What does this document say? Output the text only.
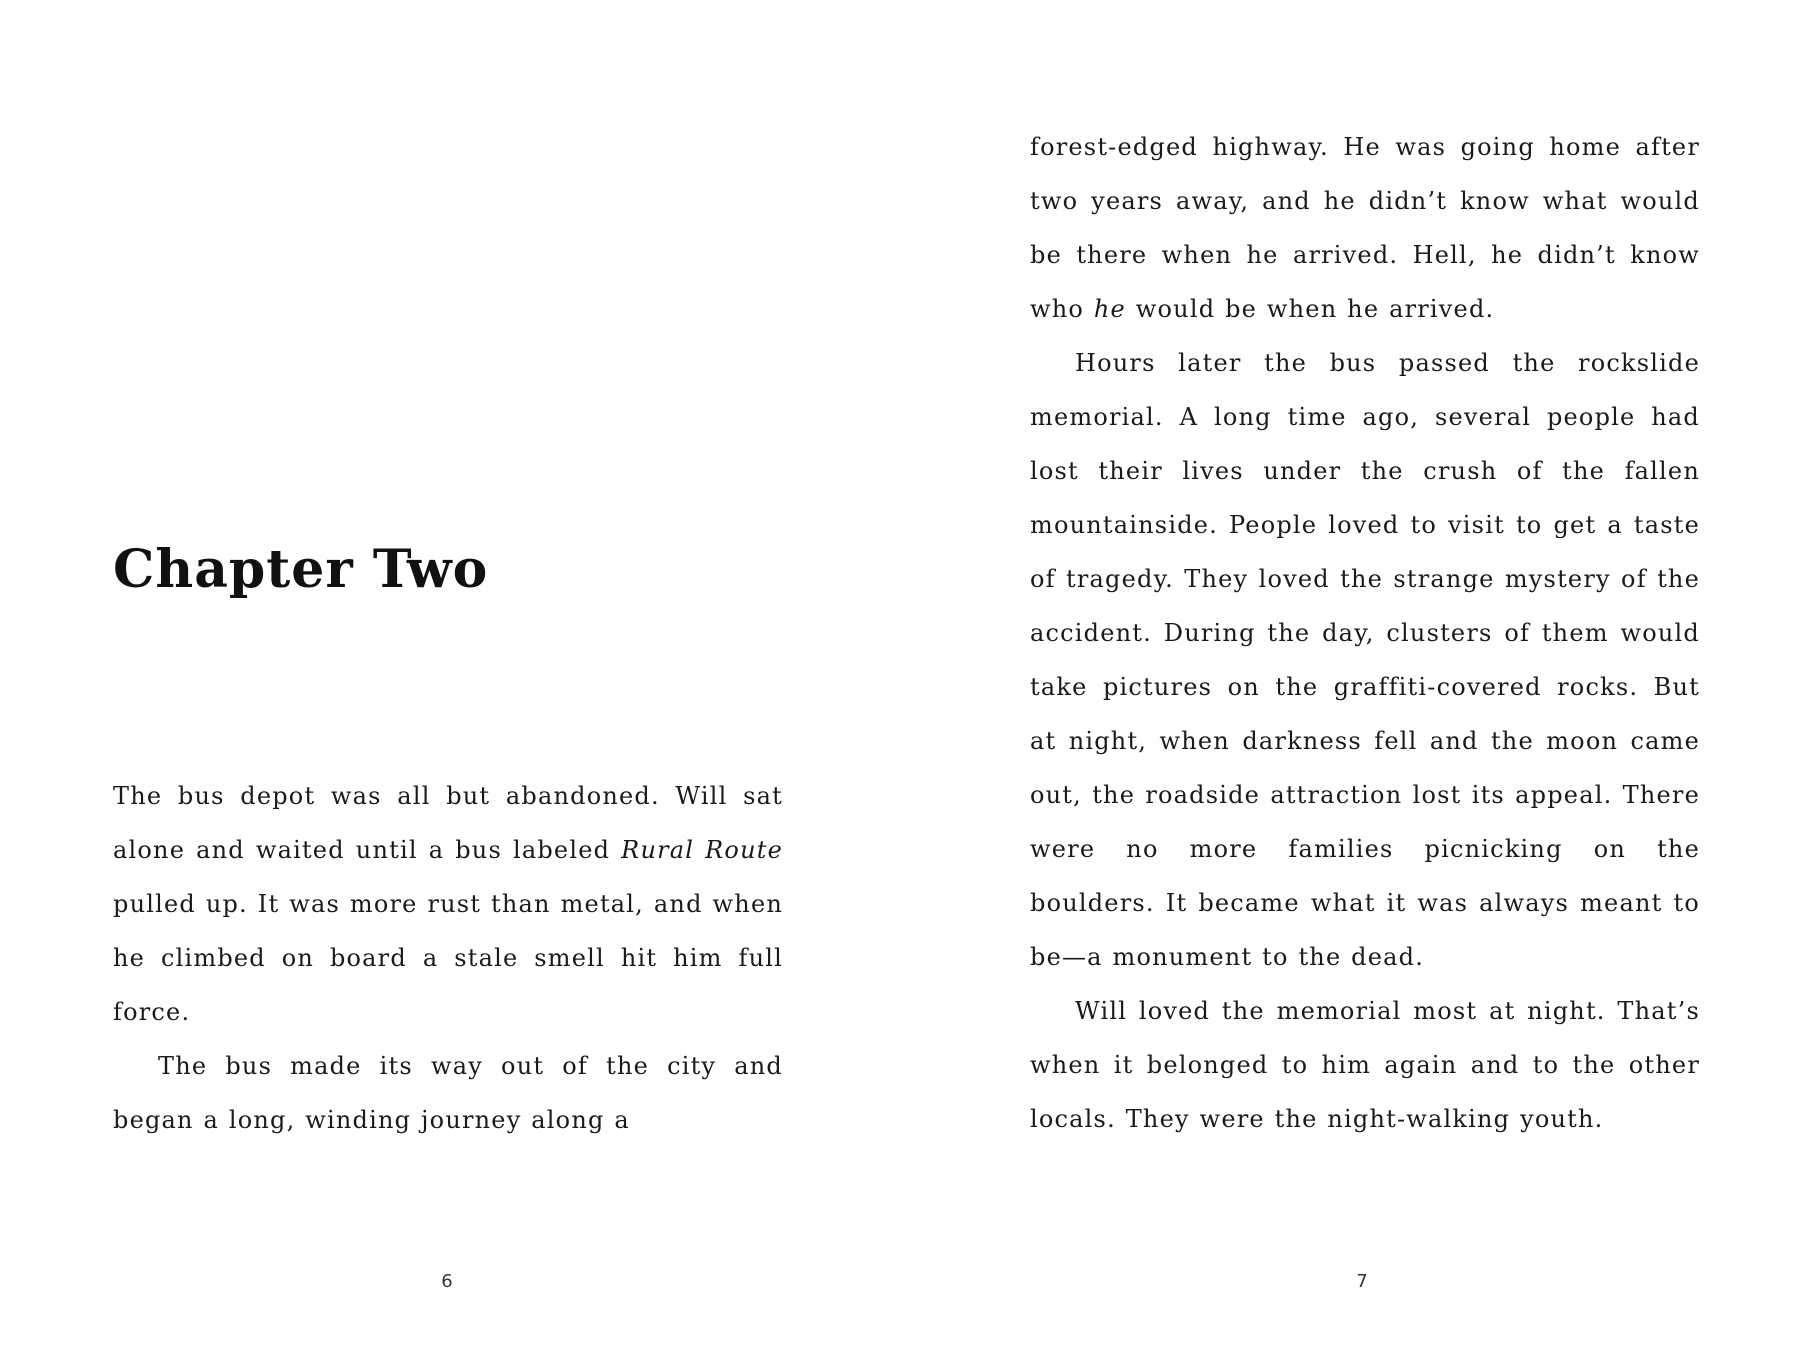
Chapter Two

The bus depot was all but abandoned. Will sat alone and waited until a bus labeled Rural Route pulled up. It was more rust than metal, and when he climbed on board a stale smell hit him full force.

The bus made its way out of the city and began a long, winding journey along a

6

forest-edged highway. He was going home after two years away, and he didn’t know what would be there when he arrived. Hell, he didn’t know who he would be when he arrived.

Hours later the bus passed the rockslide memorial. A long time ago, several people had lost their lives under the crush of the fallen mountainside. People loved to visit to get a taste of tragedy. They loved the strange mystery of the accident. During the day, clusters of them would take pictures on the graffiti-covered rocks. But at night, when darkness fell and the moon came out, the roadside attraction lost its appeal. There were no more families picnicking on the boulders. It became what it was always meant to be—a monument to the dead.

Will loved the memorial most at night. That’s when it belonged to him again and to the other locals. They were the night-walking youth.

7
